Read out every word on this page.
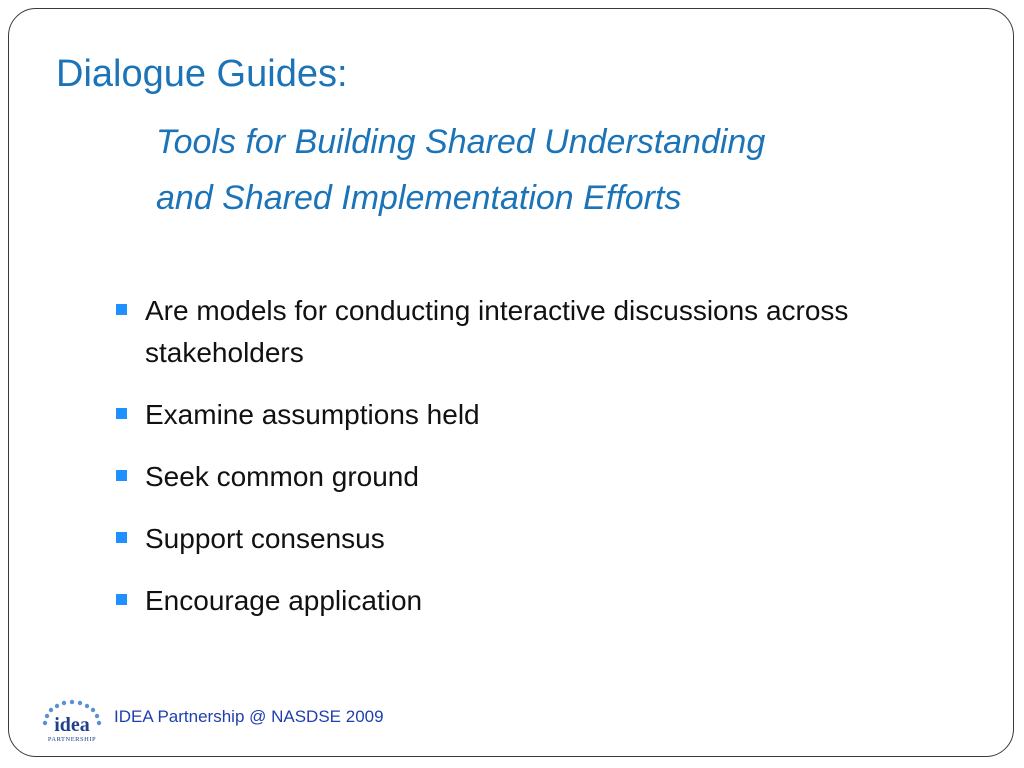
Dialogue Guides:
Tools for Building Shared Understanding
and Shared Implementation Efforts
Are models for conducting interactive discussions across stakeholders
Examine assumptions held
Seek common ground
Support consensus
Encourage application
idea
PARTNERSHIP
IDEA Partnership @ NASDSE 2009
